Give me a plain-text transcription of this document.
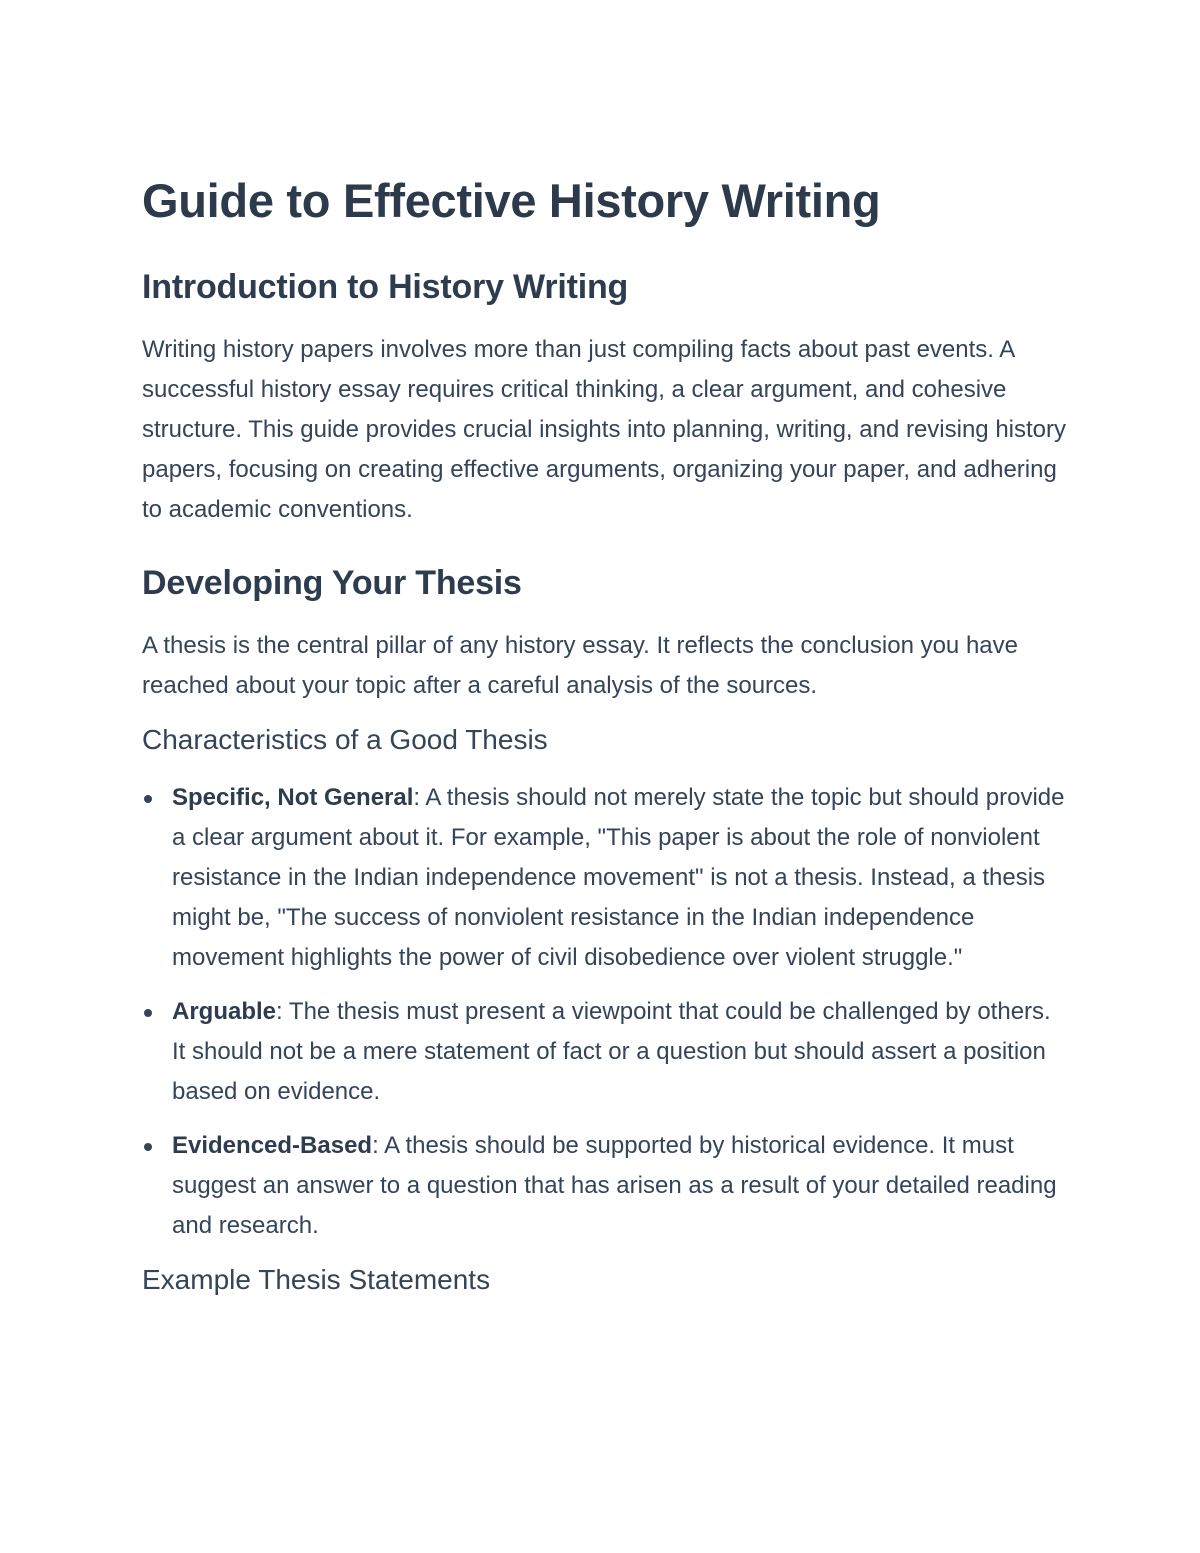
Guide to Effective History Writing
Introduction to History Writing

Writing history papers involves more than just compiling facts about past events. A successful history essay requires critical thinking, a clear argument, and cohesive structure. This guide provides crucial insights into planning, writing, and revising history papers, focusing on creating effective arguments, organizing your paper, and adhering to academic conventions.

Developing Your Thesis

A thesis is the central pillar of any history essay. It reflects the conclusion you have reached about your topic after a careful analysis of the sources.

Characteristics of a Good Thesis
Specific, Not General: A thesis should not merely state the topic but should provide a clear argument about it. For example, "This paper is about the role of nonviolent resistance in the Indian independence movement" is not a thesis. Instead, a thesis might be, "The success of nonviolent resistance in the Indian independence movement highlights the power of civil disobedience over violent struggle."
Arguable: The thesis must present a viewpoint that could be challenged by others. It should not be a mere statement of fact or a question but should assert a position based on evidence.
Evidenced-Based: A thesis should be supported by historical evidence. It must suggest an answer to a question that has arisen as a result of your detailed reading and research.
Example Thesis Statements
